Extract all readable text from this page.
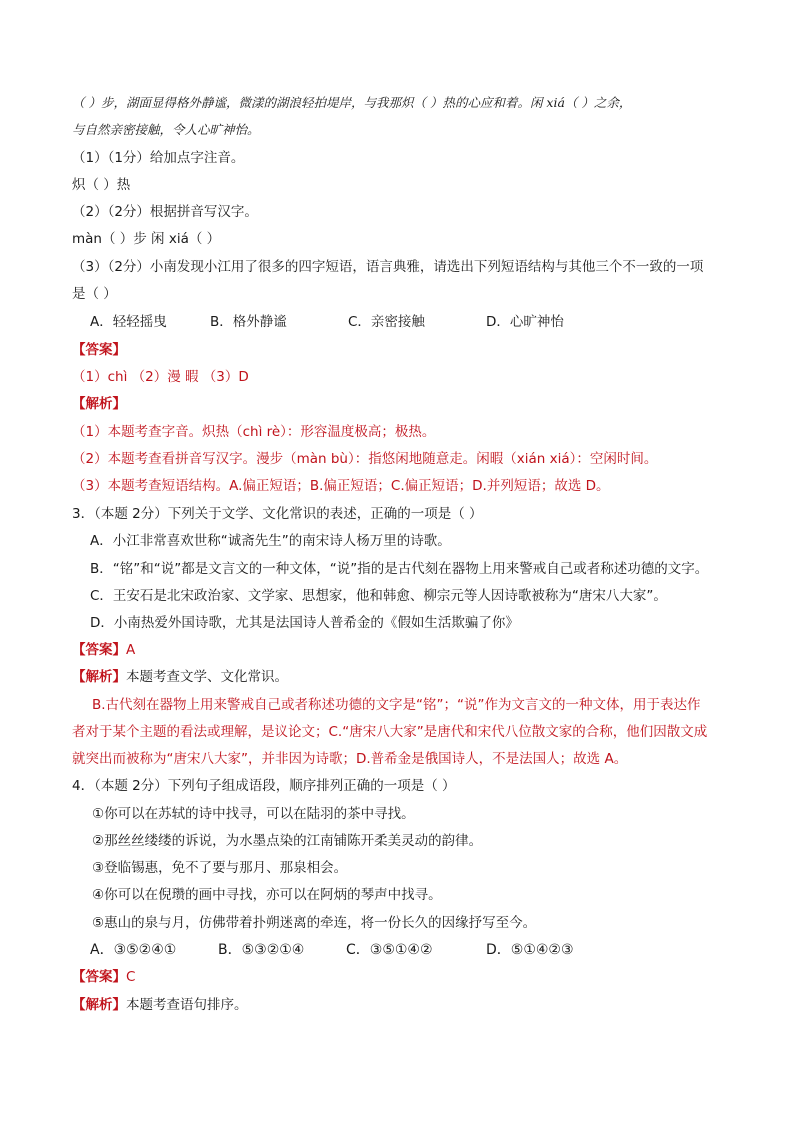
（ ）步，湖面显得格外静谧，微漾的湖浪轻拍堤岸，与我那炽（ ）热的心应和着。闲 xiá（ ）之余，
与自然亲密接触，令人心旷神怡。
（1）（1分）给加点字注音。
炽（ ）热
（2）（2分）根据拼音写汉字。
màn（ ）步 闲 xiá（ ）
（3）（2分）小南发现小江用了很多的四字短语，语言典雅，请选出下列短语结构与其他三个不一致的一项
是（ ）
A．轻轻摇曳	B．格外静谧	C．亲密接触	D．心旷神怡
【答案】
（1）chì （2）漫 暇 （3）D
【解析】
（1）本题考查字音。炽热（chì rè）：形容温度极高；极热。
（2）本题考查看拼音写汉字。漫步（màn bù）：指悠闲地随意走。闲暇（xián xiá）：空闲时间。
（3）本题考查短语结构。A.偏正短语；B.偏正短语；C.偏正短语；D.并列短语；故选 D。
3．（本题 2分）下列关于文学、文化常识的表述，正确的一项是（ ）
A．小江非常喜欢世称“诚斋先生”的南宋诗人杨万里的诗歌。
B．“铭”和“说”都是文言文的一种文体，“说”指的是古代刻在器物上用来警戒自己或者称述功德的文字。
C．王安石是北宋政治家、文学家、思想家，他和韩愈、柳宗元等人因诗歌被称为“唐宋八大家”。
D．小南热爱外国诗歌，尤其是法国诗人普希金的《假如生活欺骗了你》
【答案】A
【解析】本题考查文学、文化常识。
B.古代刻在器物上用来警戒自己或者称述功德的文字是“铭”；“说”作为文言文的一种文体，用于表达作
者对于某个主题的看法或理解，是议论文；C.“唐宋八大家”是唐代和宋代八位散文家的合称，他们因散文成
就突出而被称为“唐宋八大家”，并非因为诗歌；D.普希金是俄国诗人，不是法国人；故选 A。
4．（本题 2分）下列句子组成语段，顺序排列正确的一项是（ ）
①你可以在苏轼的诗中找寻，可以在陆羽的茶中寻找。
②那丝丝缕缕的诉说，为水墨点染的江南铺陈开柔美灵动的韵律。
③登临锡惠，免不了要与那月、那泉相会。
④你可以在倪瓒的画中寻找，亦可以在阿炳的琴声中找寻。
⑤惠山的泉与月，仿佛带着扑朔迷离的牵连，将一份长久的因缘抒写至今。
A．③⑤②④①	B．⑤③②①④	C．③⑤①④②	D．⑤①④②③
【答案】C
【解析】本题考查语句排序。
